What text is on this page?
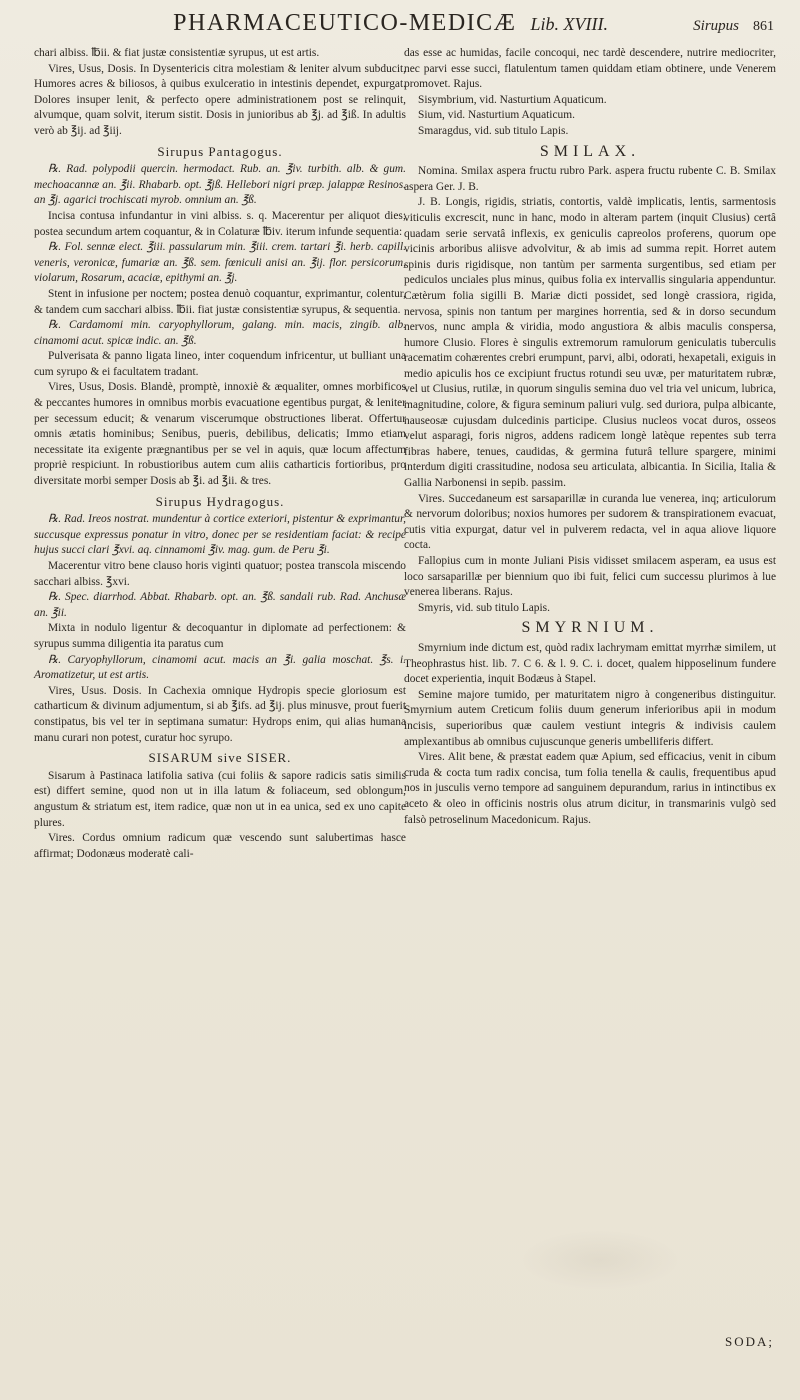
PHARMACEUTICO-MEDICÆ Lib. XVIII.	Sirupus 861

chari albiss. ℔ii. & fiat justæ consistentiæ syrupus, ut est artis.

Vires, Usus, Dosis. In Dysentericis citra molestiam & leniter alvum subducit, Humores acres & biliosos, à quibus exulceratio in intestinis dependet, expurgat. Dolores insuper lenit, & perfecto opere administrationem post se relinquit, alvumque, quam solvit, iterum sistit. Dosis in junioribus ab ℥j. ad ℥iß. In adultis verò ab ℥ij. ad ℥iij.

Sirupus Pantagogus.

℞. Rad. polypodii quercin. hermodact. Rub. an. ℥iv. turbith. alb. & gum. mechoacannæ an. ℥ii. Rhabarb. opt. ℥jß. Hellebori nigri præp. jalappæ Resinos. an ℥j. agarici trochiscati myrob. omnium an. ℥ß.

Incisa contusa infundantur in vini albiss. s. q. Macerentur per aliquot dies; postea secundum artem coquantur, & in Colaturæ ℔iv. iterum infunde sequentia:

℞. Fol. sennæ elect. ℥iii. passularum min. ℥iii. crem. tartari ℥i. herb. capill. veneris, veronicæ, fumariæ an. ℥ß. sem. fœniculi anisi an. ℥ij. flor. persicorum, violarum, Rosarum, acaciæ, epithymi an. ℥j.

Stent in infusione per noctem; postea denuò coquantur, exprimantur, colentur, & tandem cum sacchari albiss. ℔ii. fiat justæ consistentiæ syrupus, & sequentia.

℞. Cardamomi min. caryophyllorum, galang. min. macis, zingib. alb. cinamomi acut. spicæ indic. an. ℥ß.

Pulverisata & panno ligata lineo, inter coquendum infricentur, ut bulliant una cum syrupo & ei facultatem tradant.

Vires, Usus, Dosis. Blandè, promptè, innoxiè & æqualiter, omnes morbificos & peccantes humores in omnibus morbis evacuatione egentibus purgat, & leniter per secessum educit; & venarum viscerumque obstructiones liberat. Offertur omnis ætatis hominibus; Senibus, pueris, debilibus, delicatis; Immo etiam necessitate ita exigente prægnantibus per se vel in aquis, quæ locum affectum propriè respiciunt. In robustioribus autem cum aliis catharticis fortioribus, pro diversitate morbi semper Dosis ab ℥i. ad ℥ii. & tres.

Sirupus Hydragogus.

℞. Rad. Ireos nostrat. mundentur à cortice exteriori, pistentur & exprimantur, succusque expressus ponatur in vitro, donec per se residentiam faciat: & recipe hujus succi clari ℥xvi. aq. cinnamomi ℥iv. mag. gum. de Peru ℥i.

Macerentur vitro bene clauso horis viginti quatuor; postea transcola miscendo sacchari albiss. ℥xvi.

℞. Spec. diarrhod. Abbat. Rhabarb. opt. an. ℥ß. sandali rub. Rad. Anchusæ an. ℥ii.

Mixta in nodulo ligentur & decoquantur in diplomate ad perfectionem: & syrupus summa diligentia ita paratus cum

℞. Caryophyllorum, cinamomi acut. macis an ℥i. galia moschat. ℥s. i. Aromatizetur, ut est artis.

Vires, Usus. Dosis. In Cachexia omnique Hydropis specie gloriosum est catharticum & divinum adjumentum, si ab ℥ifs. ad ℥ij. plus minusve, prout fuerit constipatus, bis vel ter in septimana sumatur: Hydrops enim, qui alias humana manu curari non potest, curatur hoc syrupo.

SISARUM sive SISER.

Sisarum à Pastinaca latifolia sativa (cui foliis & sapore radicis satis similis est) differt semine, quod non ut in illa latum & foliaceum, sed oblongum, angustum & striatum est, item radice, quæ non ut in ea unica, sed ex uno capite plures.

Vires. Cordus omnium radicum quæ vescendo sunt salubertimas hasce affirmat; Dodonæus moderatè cali-

das esse ac humidas, facile concoqui, nec tardè descendere, nutrire mediocriter, nec parvi esse succi, flatulentum tamen quiddam etiam obtinere, unde Venerem promovet. Rajus.

Sisymbrium, vid. Nasturtium Aquaticum.

Sium, vid. Nasturtium Aquaticum.

Smaragdus, vid. sub titulo Lapis.

SMILAX.

Nomina. Smilax aspera fructu rubro Park. aspera fructu rubente C. B. Smilax aspera Ger. J. B.

J. B. Longis, rigidis, striatis, contortis, valdè implicatis, lentis, sarmentosis viticulis excrescit, nunc in hanc, modo in alteram partem (inquit Clusius) certâ quadam serie servatâ inflexis, ex geniculis capreolos proferens, quorum ope vicinis arboribus aliisve advolvitur, & ab imis ad summa repit. Horret autem spinis duris rigidisque, non tantùm per sarmenta surgentibus, sed etiam per pediculos unciales plus minus, quibus folia ex intervallis singularia appenduntur. Cætèrum folia sigilli B. Mariæ dicti possidet, sed longè crassiora, rigida, nervosa, spinis non tantum per margines horrentia, sed & in dorso secundum nervos, nunc ampla & viridia, modo angustiora & albis maculis conspersa, humore Clusio. Flores è singulis extremorum ramulorum geniculatis tuberculis racematim cohærentes crebri erumpunt, parvi, albi, odorati, hexapetali, exiguis in medio apiculis hos ce excipiunt fructus rotundi seu uvæ, per maturitatem rubræ, vel ut Clusius, rutilæ, in quorum singulis semina duo vel tria vel unicum, lubrica, magnitudine, colore, & figura seminum paliuri vulg. sed duriora, pulpa albicante, nauseosæ cujusdam dulcedinis participe. Clusius nucleos vocat duros, osseos velut asparagi, foris nigros, addens radicem longè latèque repentes sub terra fibras habere, tenues, caudidas, & germina futurâ tellure spargere, minimi interdum digiti crassitudine, nodosa seu articulata, albicantia. In Sicilia, Italia & Gallia Narbonensi in sepib. passim.

Vires. Succedaneum est sarsaparillæ in curanda lue venerea, inq; articulorum & nervorum doloribus; noxios humores per sudorem & transpirationem evacuat, cutis vitia expurgat, datur vel in pulverem redacta, vel in aqua aliove liquore cocta.

Fallopius cum in monte Juliani Pisis vidisset smilacem asperam, ea usus est loco sarsaparillæ per biennium quo ibi fuit, felici cum successu plurimos à lue venerea liberans. Rajus.

Smyris, vid. sub titulo Lapis.

SMYRNIUM.

Smyrnium inde dictum est, quòd radix lachrymam emittat myrrhæ similem, ut Theophrastus hist. lib. 7. C 6. & l. 9. C. i. docet, qualem hipposelinum fundere docet experientia, inquit Bodæus à Stapel.

Semine majore tumido, per maturitatem nigro à congeneribus distinguitur. Smyrnium autem Creticum foliis duum generum inferioribus apii in modum incisis, superioribus quæ caulem vestiunt integris & indivisis caulem amplexantibus ab omnibus cujuscunque generis umbelliferis differt.

Vires. Alit bene, & præstat eadem quæ Apium, sed efficacius, venit in cibum cruda & cocta tum radix concisa, tum folia tenella & caulis, frequentibus apud nos in jusculis verno tempore ad sanguinem depurandum, rarius in intinctibus ex aceto & oleo in officinis nostris olus atrum dicitur, in transmarinis vulgò sed falsò petroselinum Macedonicum. Rajus.

SODA;
